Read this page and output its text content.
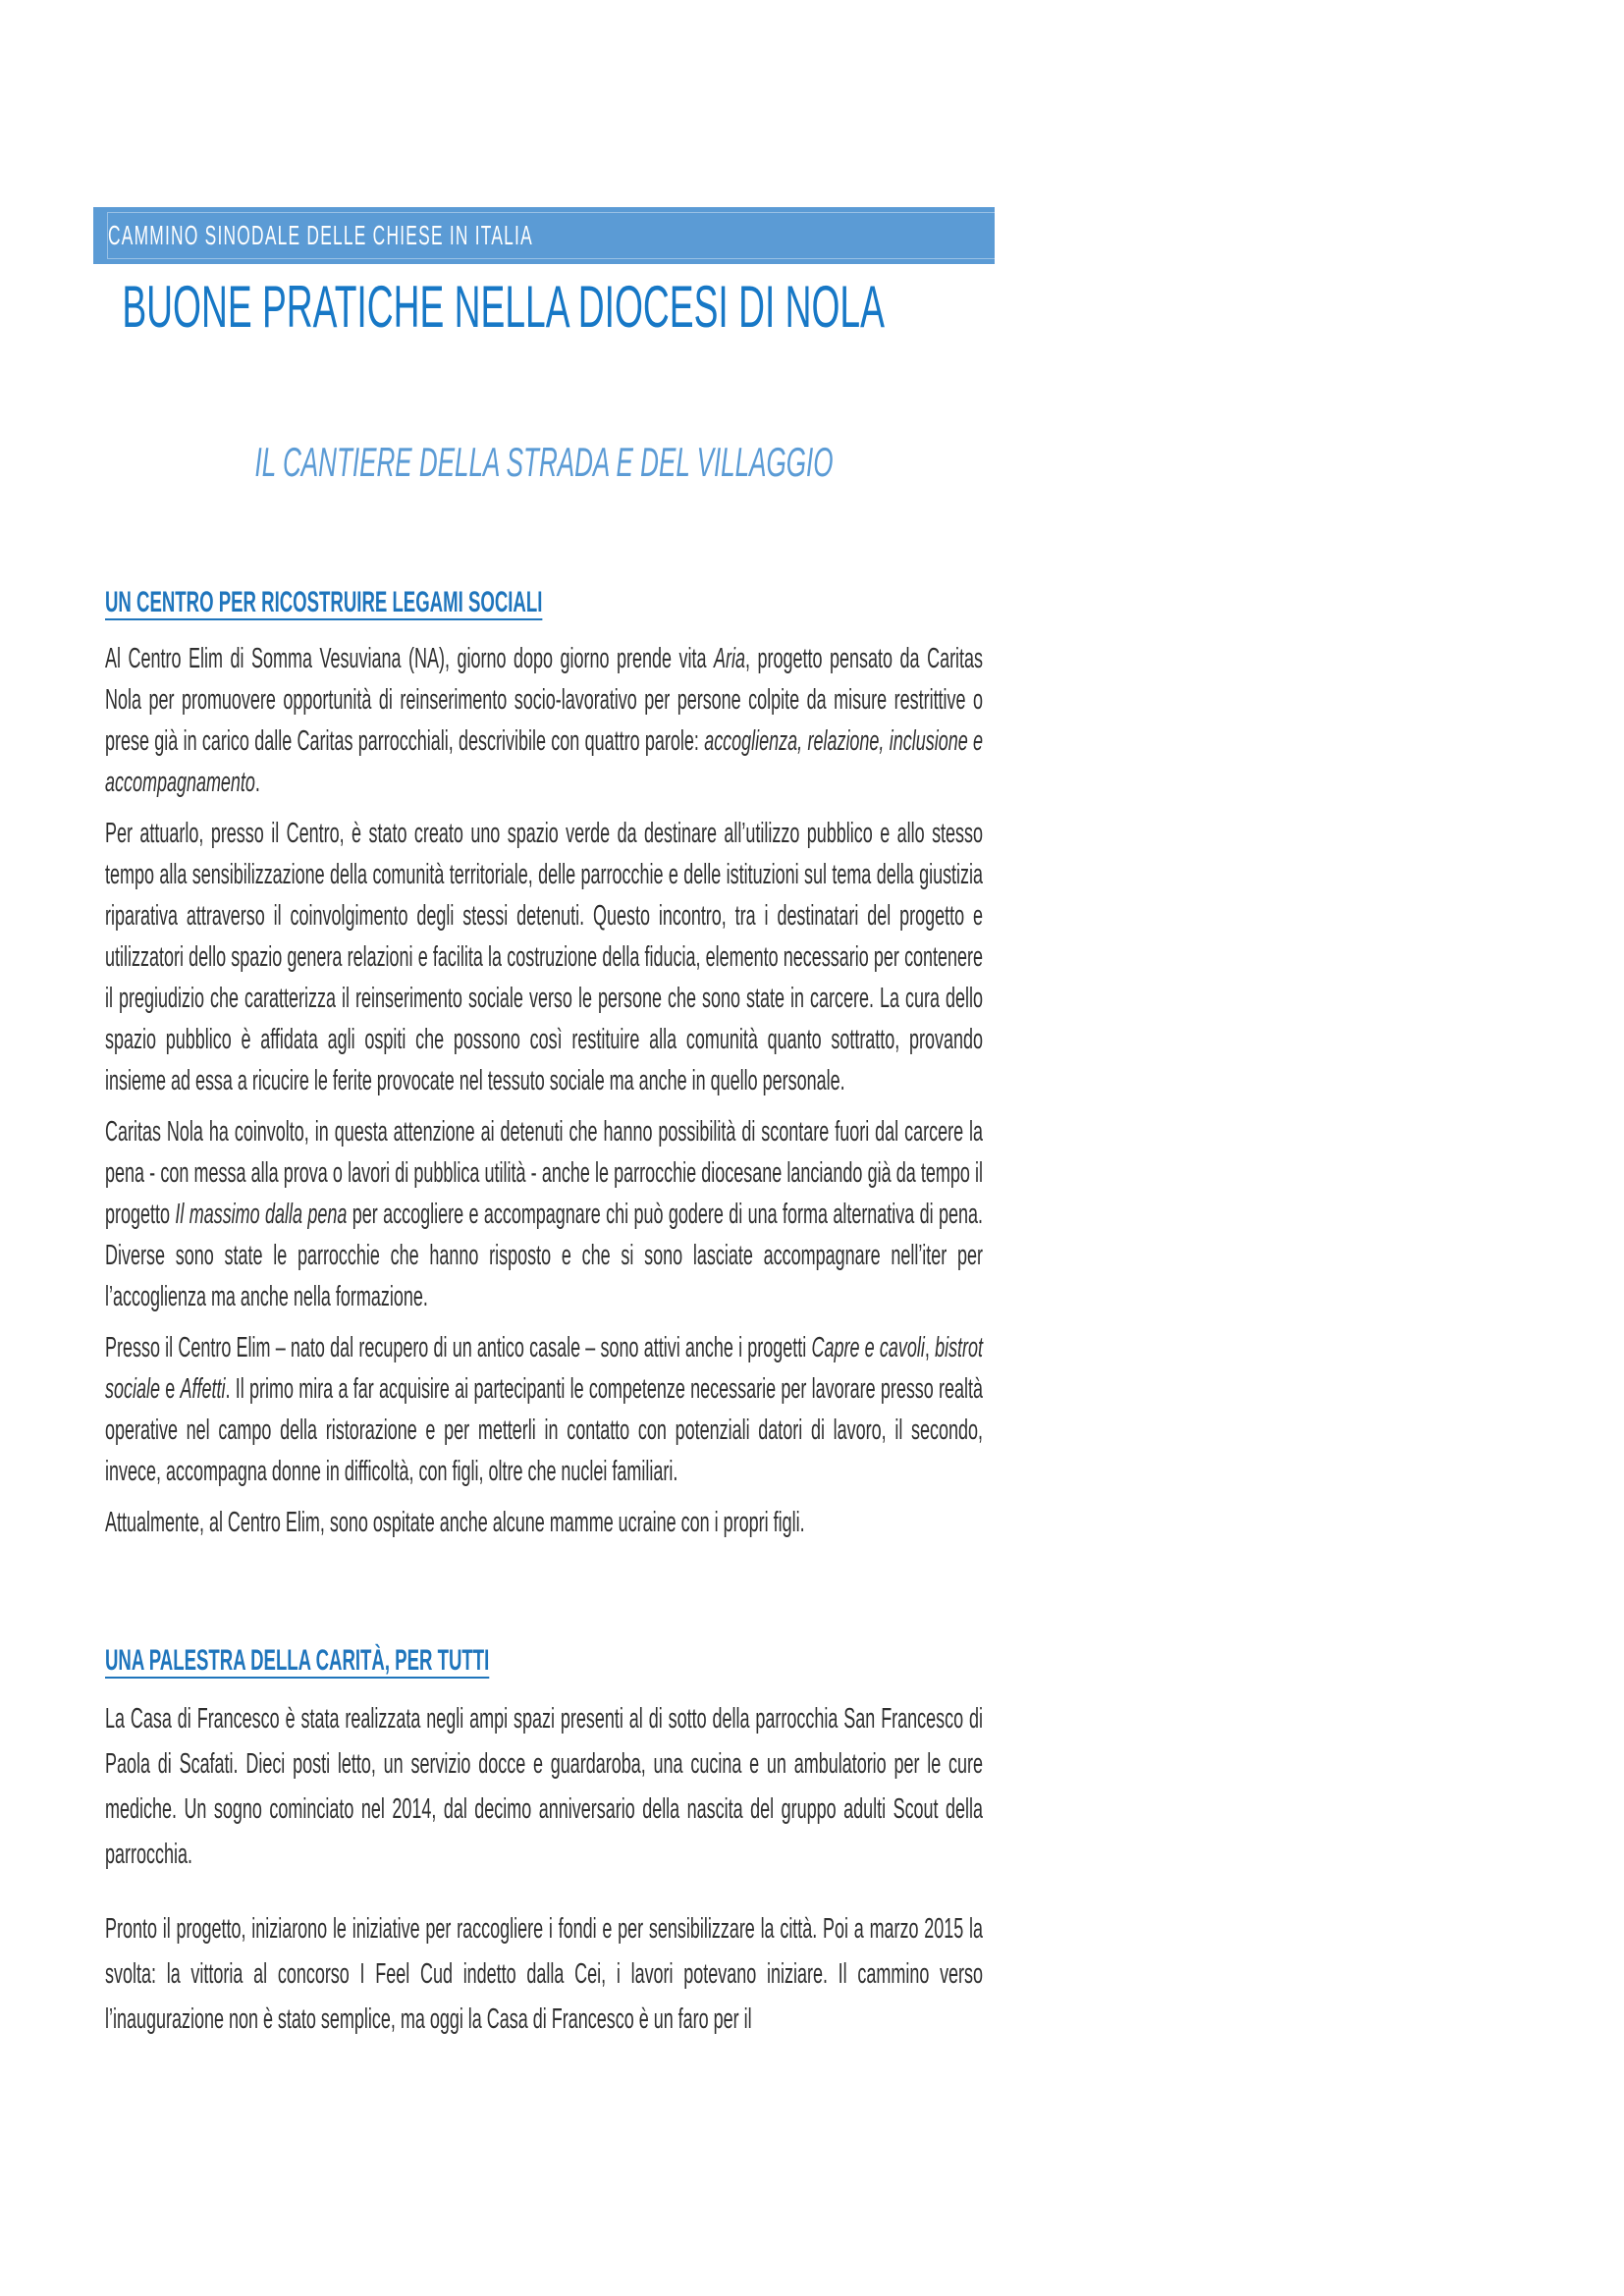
CAMMINO SINODALE DELLE CHIESE IN ITALIA
BUONE PRATICHE NELLA DIOCESI DI NOLA
IL CANTIERE DELLA STRADA E DEL VILLAGGIO
UN CENTRO PER RICOSTRUIRE LEGAMI SOCIALI

Al Centro Elim di Somma Vesuviana (NA), giorno dopo giorno prende vita Aria, progetto pensato da Caritas Nola per promuovere opportunità di reinserimento socio-lavorativo per persone colpite da misure restrittive o prese già in carico dalle Caritas parrocchiali, descrivibile con quattro parole: accoglienza, relazione, inclusione e accompagnamento.

Per attuarlo, presso il Centro, è stato creato uno spazio verde da destinare all’utilizzo pubblico e allo stesso tempo alla sensibilizzazione della comunità territoriale, delle parrocchie e delle istituzioni sul tema della giustizia riparativa attraverso il coinvolgimento degli stessi detenuti. Questo incontro, tra i destinatari del progetto e utilizzatori dello spazio genera relazioni e facilita la costruzione della fiducia, elemento necessario per contenere il pregiudizio che caratterizza il reinserimento sociale verso le persone che sono state in carcere. La cura dello spazio pubblico è affidata agli ospiti che possono così restituire alla comunità quanto sottratto, provando insieme ad essa a ricucire le ferite provocate nel tessuto sociale ma anche in quello personale.

Caritas Nola ha coinvolto, in questa attenzione ai detenuti che hanno possibilità di scontare fuori dal carcere la pena - con messa alla prova o lavori di pubblica utilità - anche le parrocchie diocesane lanciando già da tempo il progetto Il massimo dalla pena per accogliere e accompagnare chi può godere di una forma alternativa di pena. Diverse sono state le parrocchie che hanno risposto e che si sono lasciate accompagnare nell’iter per l’accoglienza ma anche nella formazione.

Presso il Centro Elim – nato dal recupero di un antico casale – sono attivi anche i progetti Capre e cavoli, bistrot sociale e Affetti. Il primo mira a far acquisire ai partecipanti le competenze necessarie per lavorare presso realtà operative nel campo della ristorazione e per metterli in contatto con potenziali datori di lavoro, il secondo, invece, accompagna donne in difficoltà, con figli, oltre che nuclei familiari.

Attualmente, al Centro Elim, sono ospitate anche alcune mamme ucraine con i propri figli.

UNA PALESTRA DELLA CARITÀ, PER TUTTI

La Casa di Francesco è stata realizzata negli ampi spazi presenti al di sotto della parrocchia San Francesco di Paola di Scafati. Dieci posti letto, un servizio docce e guardaroba, una cucina e un ambulatorio per le cure mediche. Un sogno cominciato nel 2014, dal decimo anniversario della nascita del gruppo adulti Scout della parrocchia.

Pronto il progetto, iniziarono le iniziative per raccogliere i fondi e per sensibilizzare la città. Poi a marzo 2015 la svolta: la vittoria al concorso I Feel Cud indetto dalla Cei, i lavori potevano iniziare. Il cammino verso l’inaugurazione non è stato semplice, ma oggi la Casa di Francesco è un faro per il
